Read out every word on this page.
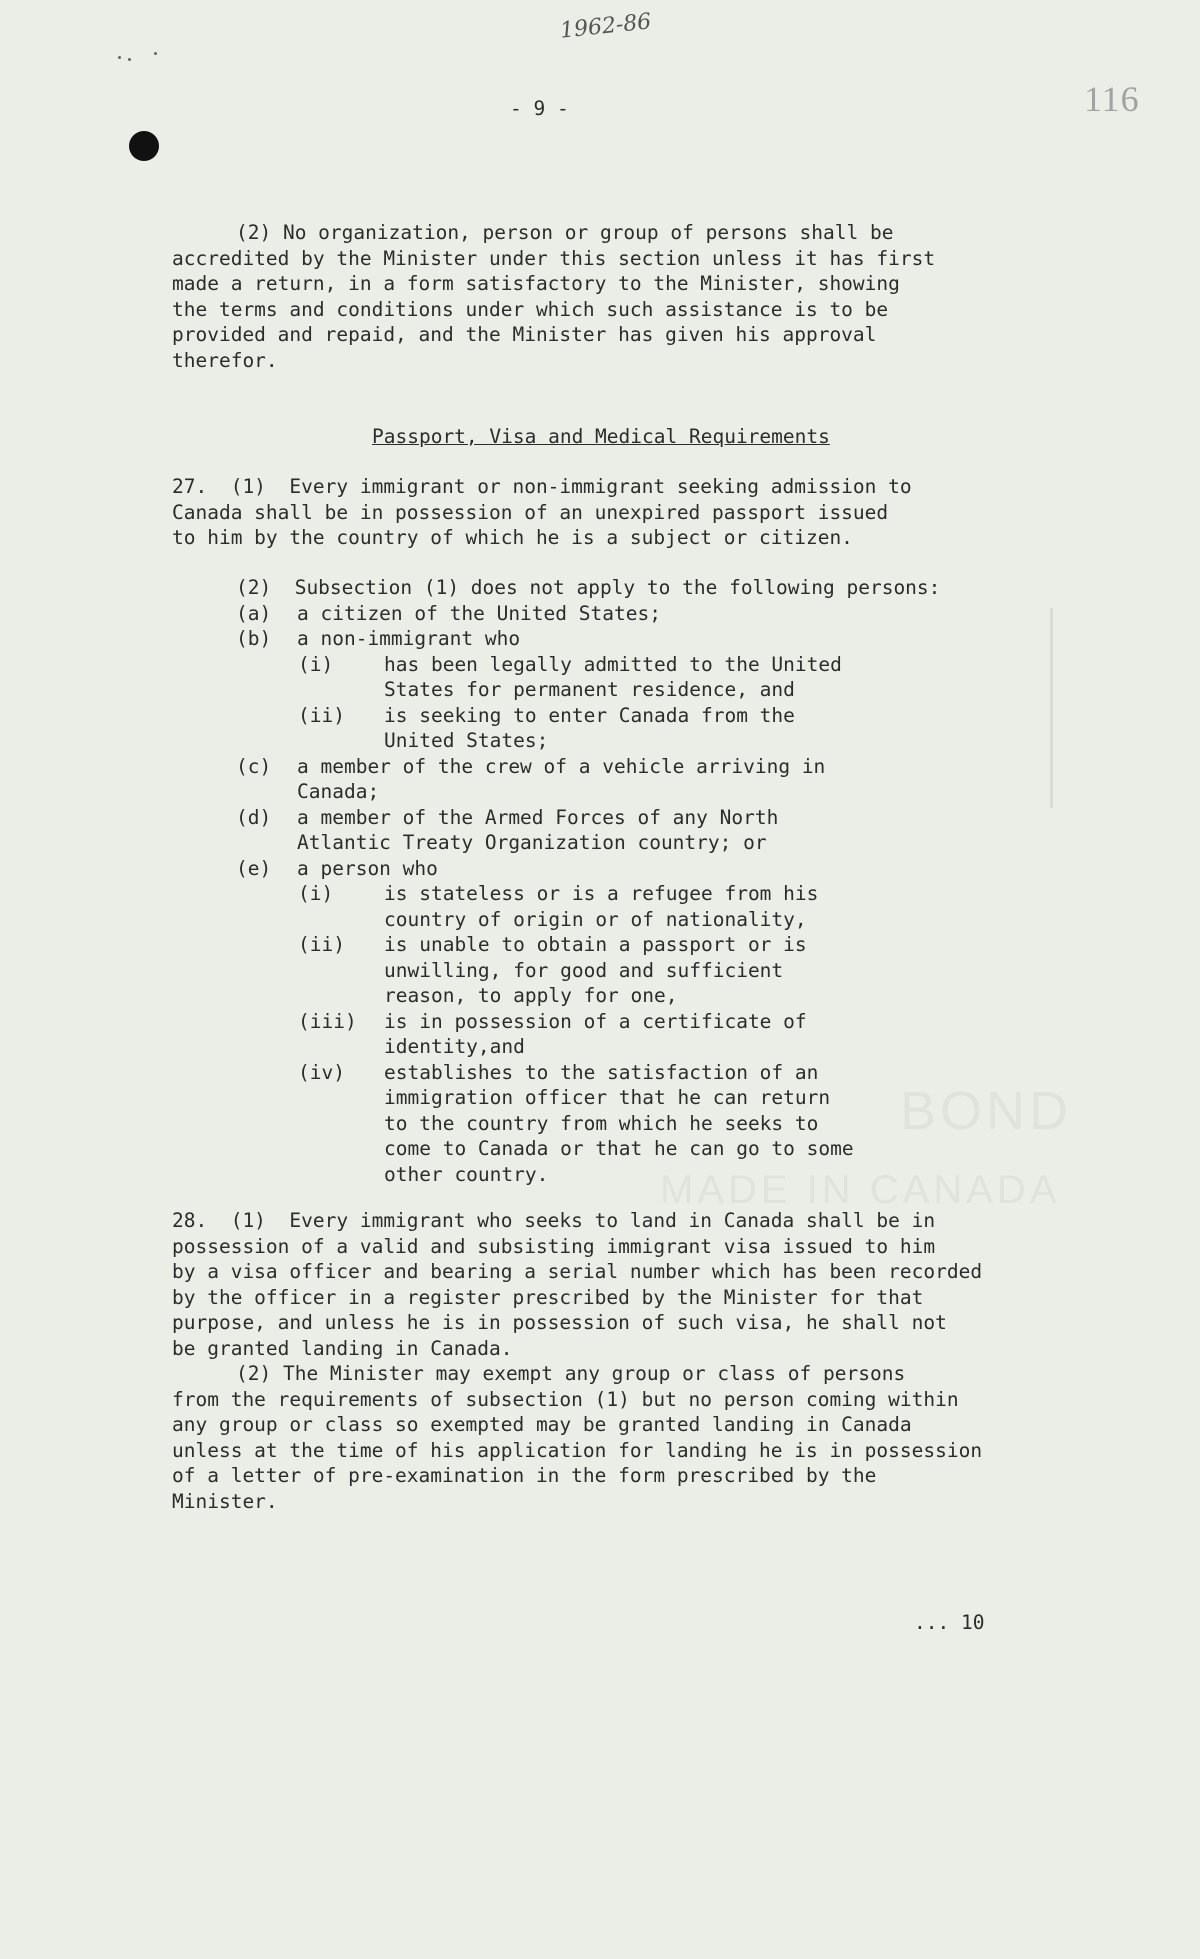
BOND
MADE IN CANADA
1962-86
- 9 -	116
(2) No organization, person or group of persons shall be
accredited by the Minister under this section unless it has first
made a return, in a form satisfactory to the Minister, showing
the terms and conditions under which such assistance is to be
provided and repaid, and the Minister has given his approval
therefor.
Passport, Visa and Medical Requirements
27.  (1)  Every immigrant or non-immigrant seeking admission to
Canada shall be in possession of an unexpired passport issued
to him by the country of which he is a subject or citizen.
(2)  Subsection (1) does not apply to the following persons:
(a) a citizen of the United States;
(b) a non-immigrant who
(i)	has been legally admitted to the United
States for permanent residence, and
(ii) is seeking to enter Canada from the
United States;
(c) a member of the crew of a vehicle arriving in
Canada;
(d) a member of the Armed Forces of any North
Atlantic Treaty Organization country; or
(e) a person who
(i)	is stateless or is a refugee from his
country of origin or of nationality,
(ii) is unable to obtain a passport or is
unwilling, for good and sufficient
reason, to apply for one,
(iii) is in possession of a certificate of
identity,and
(iv) establishes to the satisfaction of an
immigration officer that he can return
to the country from which he seeks to
come to Canada or that he can go to some
other country.
28.  (1)  Every immigrant who seeks to land in Canada shall be in
possession of a valid and subsisting immigrant visa issued to him
by a visa officer and bearing a serial number which has been recorded
by the officer in a register prescribed by the Minister for that
purpose, and unless he is in possession of such visa, he shall not
be granted landing in Canada.
(2) The Minister may exempt any group or class of persons
from the requirements of subsection (1) but no person coming within
any group or class so exempted may be granted landing in Canada
unless at the time of his application for landing he is in possession
of a letter of pre-examination in the form prescribed by the
Minister.
... 10
